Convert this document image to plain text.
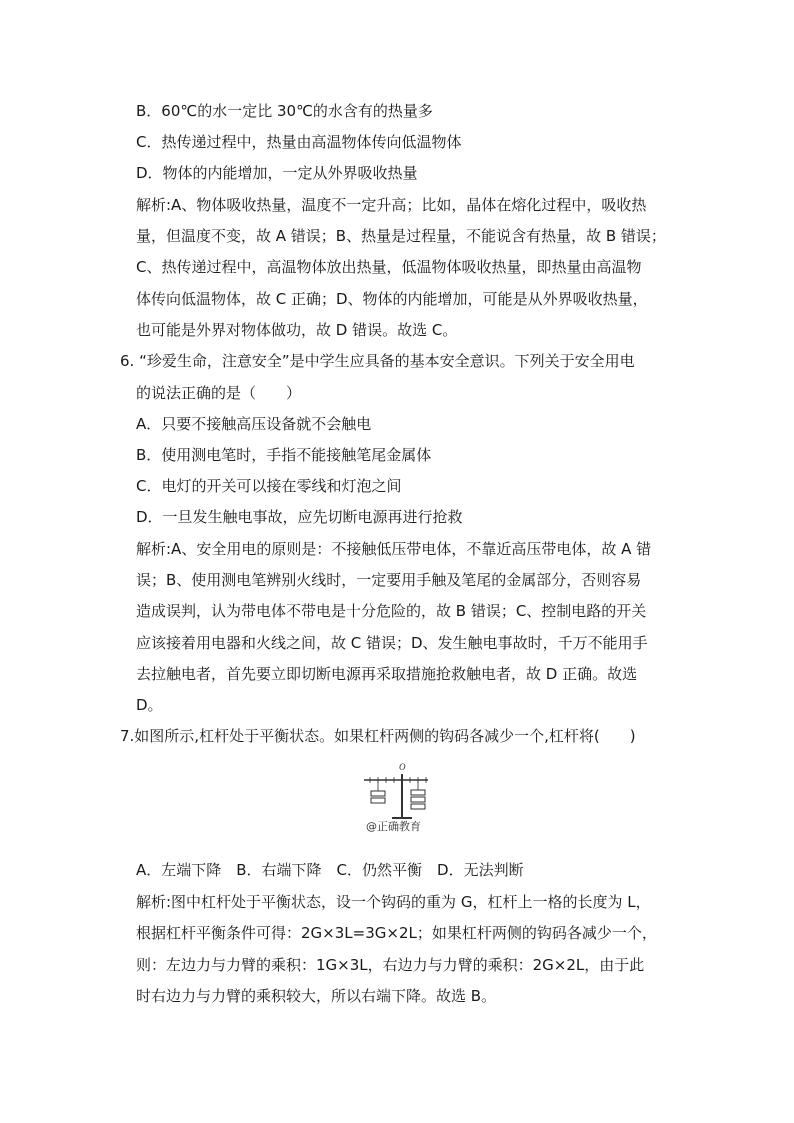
B．60℃的水一定比 30℃的水含有的热量多
C．热传递过程中，热量由高温物体传向低温物体
D．物体的内能增加，一定从外界吸收热量
解析:A、物体吸收热量，温度不一定升高；比如，晶体在熔化过程中，吸收热
量，但温度不变，故 A 错误；B、热量是过程量，不能说含有热量，故 B 错误；
C、热传递过程中，高温物体放出热量，低温物体吸收热量，即热量由高温物
体传向低温物体，故 C 正确；D、物体的内能增加，可能是从外界吸收热量，
也可能是外界对物体做功，故 D 错误。故选 C。
6. “珍爱生命，注意安全”是中学生应具备的基本安全意识。下列关于安全用电
的说法正确的是（　　）
A．只要不接触高压设备就不会触电
B．使用测电笔时，手指不能接触笔尾金属体
C．电灯的开关可以接在零线和灯泡之间
D．一旦发生触电事故，应先切断电源再进行抢救
解析:A、安全用电的原则是：不接触低压带电体，不靠近高压带电体，故 A 错
误；B、使用测电笔辨别火线时，一定要用手触及笔尾的金属部分，否则容易
造成误判，认为带电体不带电是十分危险的，故 B 错误；C、控制电路的开关
应该接着用电器和火线之间，故 C 错误；D、发生触电事故时，千万不能用手
去拉触电者，首先要立即切断电源再采取措施抢救触电者，故 D 正确。故选
D。
7.如图所示,杠杆处于平衡状态。如果杠杆两侧的钩码各减少一个,杠杆将(　　)
O
@正确教育
A．左端下降　B．右端下降　C．仍然平衡　D．无法判断
解析:图中杠杆处于平衡状态，设一个钩码的重为 G，杠杆上一格的长度为 L，
根据杠杆平衡条件可得：2G×3L=3G×2L；如果杠杆两侧的钩码各减少一个，
则：左边力与力臂的乘积：1G×3L，右边力与力臂的乘积：2G×2L，由于此
时右边力与力臂的乘积较大，所以右端下降。故选 B。
